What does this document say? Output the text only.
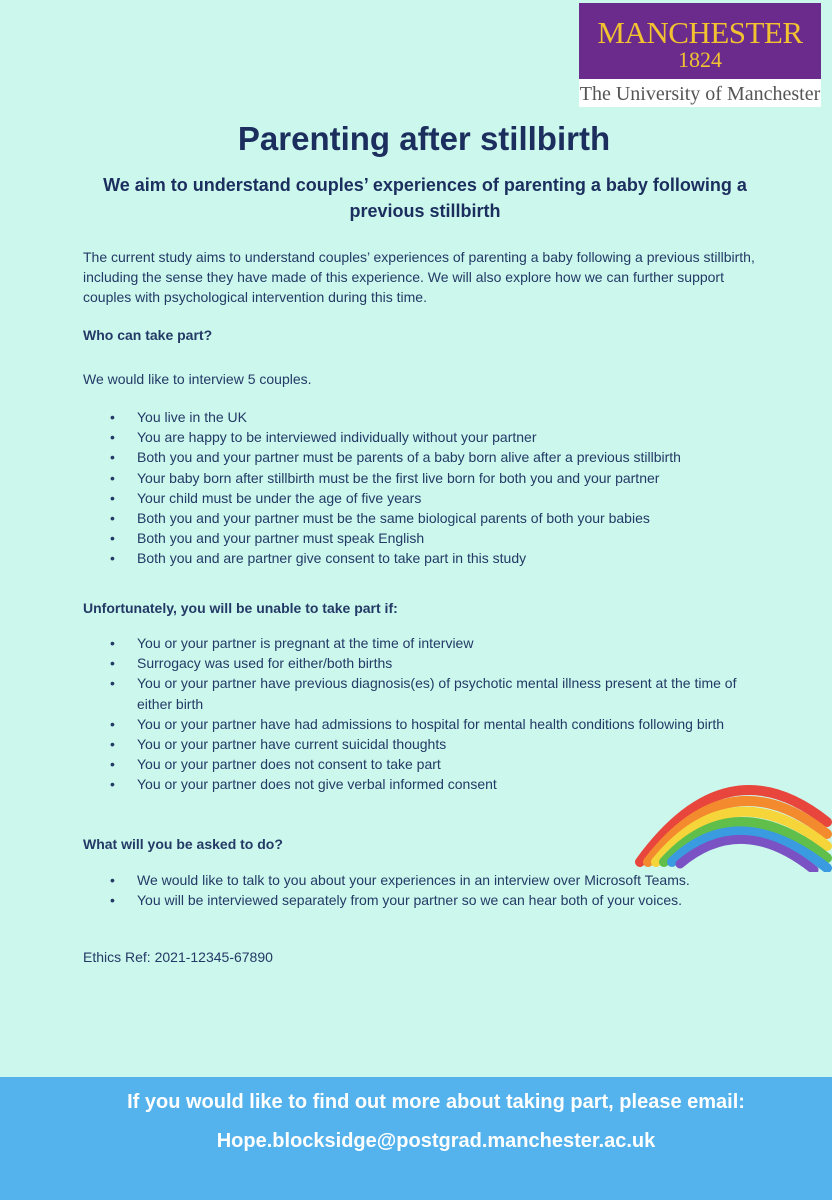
MANCHESTER
1824
The University of Manchester
Parenting after stillbirth
We aim to understand couples’ experiences of parenting a baby following a previous stillbirth
The current study aims to understand couples’ experiences of parenting a baby following a previous stillbirth, including the sense they have made of this experience. We will also explore how we can further support couples with psychological intervention during this time.
Who can take part?
We would like to interview 5 couples.
• You live in the UK
• You are happy to be interviewed individually without your partner
• Both you and your partner must be parents of a baby born alive after a previous stillbirth
• Your baby born after stillbirth must be the first live born for both you and your partner
• Your child must be under the age of five years
• Both you and your partner must be the same biological parents of both your babies
• Both you and your partner must speak English
• Both you and are partner give consent to take part in this study
Unfortunately, you will be unable to take part if:
• You or your partner is pregnant at the time of interview
• Surrogacy was used for either/both births
• You or your partner have previous diagnosis(es) of psychotic mental illness present at the time of either birth
• You or your partner have had admissions to hospital for mental health conditions following birth
• You or your partner have current suicidal thoughts
• You or your partner does not consent to take part
• You or your partner does not give verbal informed consent
What will you be asked to do?
• We would like to talk to you about your experiences in an interview over Microsoft Teams.
• You will be interviewed separately from your partner so we can hear both of your voices.
Ethics Ref: 2021-12345-67890
If you would like to find out more about taking part, please email:
Hope.blocksidge@postgrad.manchester.ac.uk
